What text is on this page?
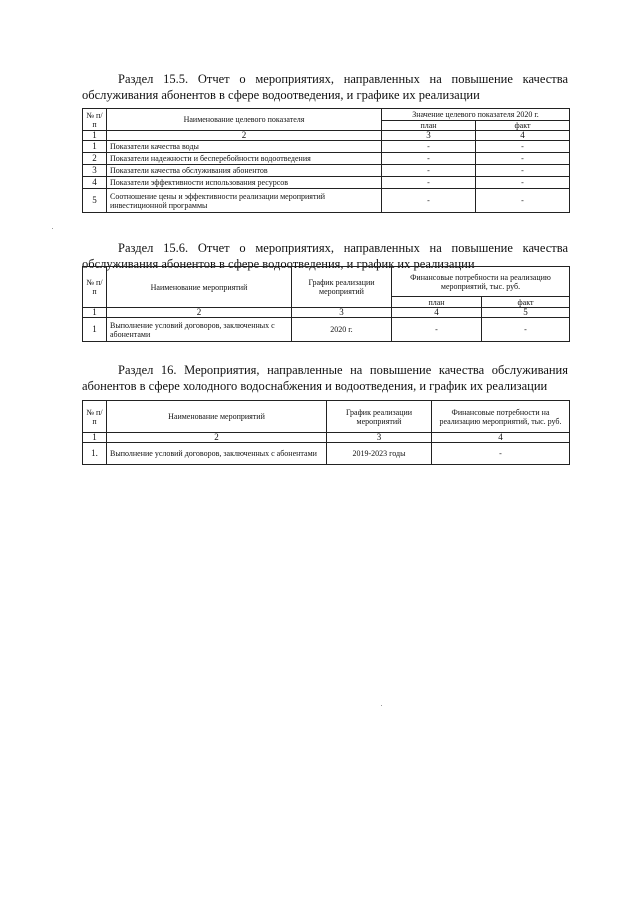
Раздел 15.5. Отчет о мероприятиях, направленных на повышение качества обслуживания абонентов в сфере водоотведения, и графике их реализации
№ п/п	Наименование целевого показателя	Значение целевого показателя 2020 г.	
		план	факт
1	2	3	4
1	Показатели качества воды	-	-
2	Показатели надежности и бесперебойности водоотведения	-	-
3	Показатели качества обслуживания абонентов	-	-
4	Показатели эффективности использования ресурсов	-	-
5	Соотношение цены и эффективности реализации мероприятий инвестиционной программы	-	-
Раздел 15.6. Отчет о мероприятиях, направленных на повышение качества обслуживания абонентов в сфере водоотведения, и график их реализации
№ п/п	Наименование мероприятий	График реализации мероприятий	Финансовые потребности на реализацию мероприятий, тыс. руб.	
			план	факт
1	2	3	4	5
1	Выполнение условий договоров, заключенных с абонентами	2020 г.	-	-
Раздел 16. Мероприятия, направленные на повышение качества обслуживания абонентов в сфере холодного водоснабжения и водоотведения, и график их реализации
№ п/п	Наименование мероприятий	График реализации мероприятий	Финансовые потребности на реализацию мероприятий, тыс. руб.
1	2	3	4
1.	Выполнение условий договоров, заключенных с абонентами	2019-2023 годы	-
